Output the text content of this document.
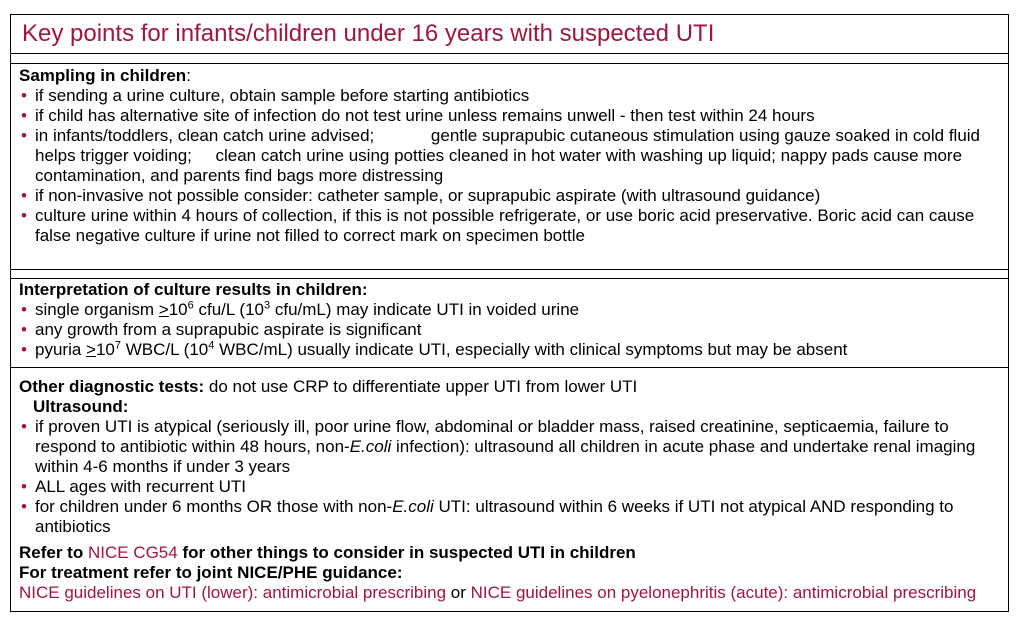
Key points for infants/children under 16 years with suspected UTI
Sampling in children:
• if sending a urine culture, obtain sample before starting antibiotics
• if child has alternative site of infection do not test urine unless remains unwell - then test within 24 hours
• in infants/toddlers, clean catch urine advised;            gentle suprapubic cutaneous stimulation using gauze soaked in cold fluid helps trigger voiding;     clean catch urine using potties cleaned in hot water with washing up liquid; nappy pads cause more contamination, and parents find bags more distressing
• if non-invasive not possible consider: catheter sample, or suprapubic aspirate (with ultrasound guidance)
• culture urine within 4 hours of collection, if this is not possible refrigerate, or use boric acid preservative. Boric acid can cause false negative culture if urine not filled to correct mark on specimen bottle
Interpretation of culture results in children:
• single organism $>10^6$ cfu/L ($10^3$ cfu/mL) may indicate UTI in voided urine
• any growth from a suprapubic aspirate is significant
• pyuria $>10^7$ WBC/L ($10^4$ WBC/mL) usually indicate UTI, especially with clinical symptoms but may be absent
Other diagnostic tests: do not use CRP to differentiate upper UTI from lower UTI
Ultrasound:
• if proven UTI is atypical (seriously ill, poor urine flow, abdominal or bladder mass, raised creatinine, septicaemia, failure to respond to antibiotic within 48 hours, non-E.coli infection): ultrasound all children in acute phase and undertake renal imaging within 4-6 months if under 3 years
• ALL ages with recurrent UTI
• for children under 6 months OR those with non-E.coli UTI: ultrasound within 6 weeks if UTI not atypical AND responding to antibiotics
Refer to NICE CG54 for other things to consider in suspected UTI in children
For treatment refer to joint NICE/PHE guidance:
NICE guidelines on UTI (lower): antimicrobial prescribing or NICE guidelines on pyelonephritis (acute): antimicrobial prescribing
